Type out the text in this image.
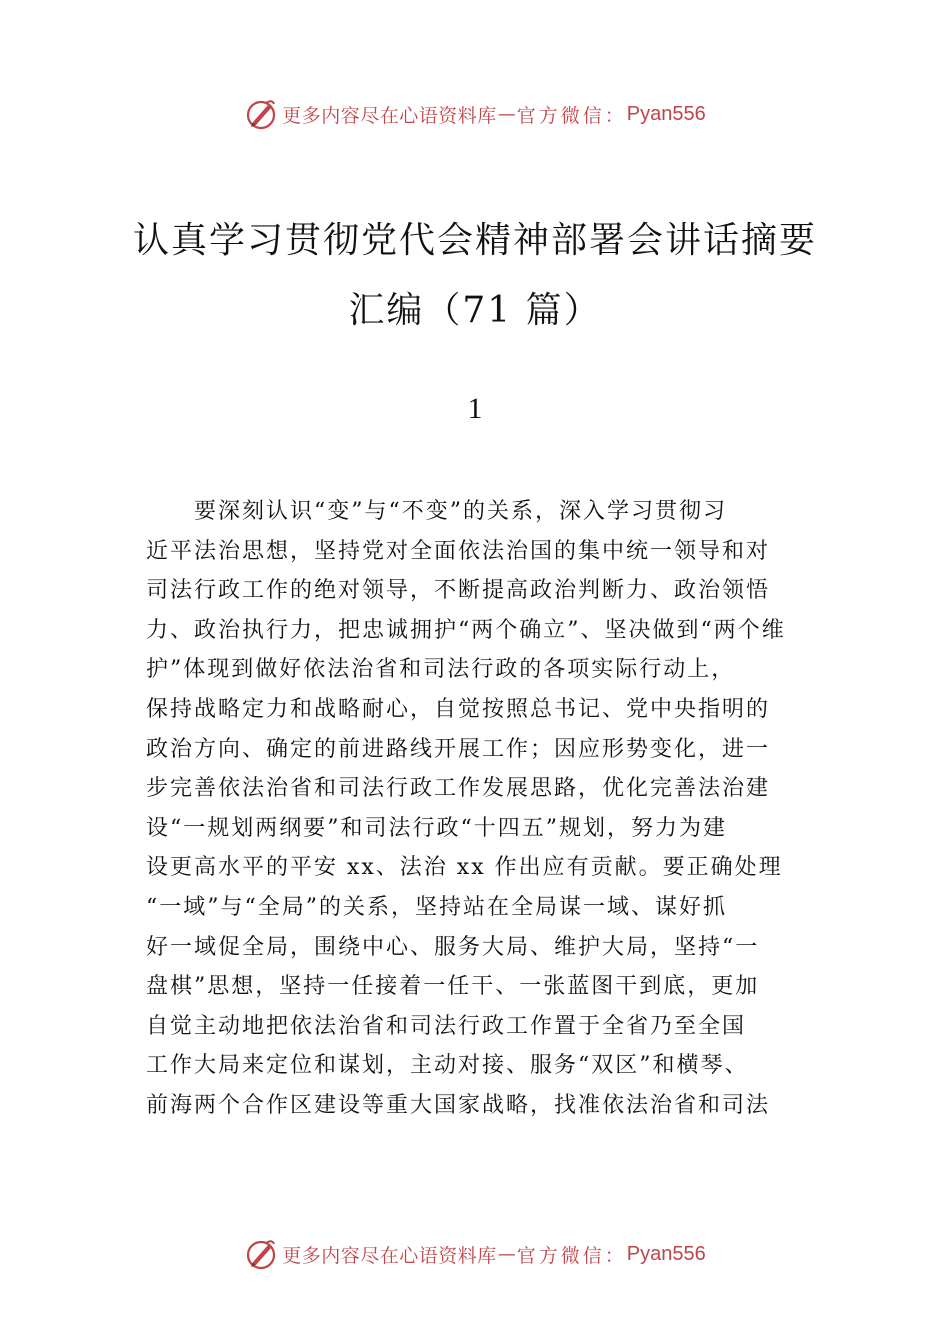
更多内容尽在心语资料库 — 官方微信： Pyan556
认真学习贯彻党代会精神部署会讲话摘要
汇编（71 篇）
1
要深刻认识“变”与“不变”的关系，深入学习贯彻习
近平法治思想，坚持党对全面依法治国的集中统一领导和对
司法行政工作的绝对领导，不断提高政治判断力、政治领悟
力、政治执行力，把忠诚拥护“两个确立”、坚决做到“两个维
护”体现到做好依法治省和司法行政的各项实际行动上，
保持战略定力和战略耐心，自觉按照总书记、党中央指明的
政治方向、确定的前进路线开展工作；因应形势变化，进一
步完善依法治省和司法行政工作发展思路，优化完善法治建
设“一规划两纲要”和司法行政“十四五”规划，努力为建
设更高水平的平安 xx、法治 xx 作出应有贡献。要正确处理
“一域”与“全局”的关系，坚持站在全局谋一域、谋好抓
好一域促全局，围绕中心、服务大局、维护大局，坚持“一
盘棋”思想，坚持一任接着一任干、一张蓝图干到底，更加
自觉主动地把依法治省和司法行政工作置于全省乃至全国
工作大局来定位和谋划，主动对接、服务“双区”和横琴、
前海两个合作区建设等重大国家战略，找准依法治省和司法
更多内容尽在心语资料库 — 官方微信： Pyan556
